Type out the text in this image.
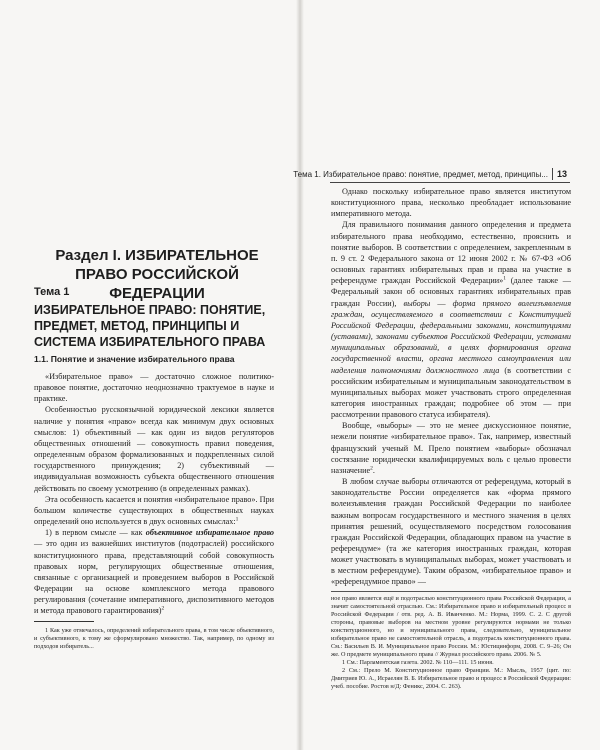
Раздел I. ИЗБИРАТЕЛЬНОЕ ПРАВО РОССИЙСКОЙ ФЕДЕРАЦИИ
Тема 1
ИЗБИРАТЕЛЬНОЕ ПРАВО: ПОНЯТИЕ, ПРЕДМЕТ, МЕТОД, ПРИНЦИПЫ И СИСТЕМА ИЗБИРАТЕЛЬНОГО ПРАВА
1.1. Понятие и значение избирательного права

«Избирательное право» — достаточно сложное политико-правовое понятие, достаточно неоднозначно трактуемое в науке и практике.

Особенностью русскоязычной юридической лексики является наличие у понятия «право» всегда как минимум двух основных смыслов: 1) объективный — как один из видов регуляторов общественных отношений — совокупность правил поведения, определенным образом формализованных и подкрепленных силой государственного принуждения; 2) субъективный — индивидуальная возможность субъекта общественного отношения действовать по своему усмотрению (в определенных рамках).

Эта особенность касается и понятия «избирательное право». При большом количестве существующих в общественных науках определений оно используется в двух основных смыслах:$^1$

1) в первом смысле — как объективное избирательное право — это один из важнейших институтов (подотраслей) российского конституционного права, представляющий собой совокупность правовых норм, регулирующих общественные отношения, связанные с организацией и проведением выборов в Российской Федерации на основе комплексного метода правового регулирования (сочетание императивного, диспозитивного методов и метода правового гарантирования)$^2$

1 Как уже отмечалось, определений избирательного права, в том числе объективного, и субъективного, к тому же сформулировано множество. Так, например, по одному из подходов избиратель...

Тема 1. Избирательное право: понятие, предмет, метод, принципы... 13

Однако поскольку избирательное право является институтом конституционного права, несколько преобладает использование императивного метода.

Для правильного понимания данного определения и предмета избирательного права необходимо, естественно, прояснить и понятие выборов. В соответствии с определением, закрепленным в п. 9 ст. 2 Федерального закона от 12 июня 2002 г. № 67-ФЗ «Об основных гарантиях избирательных прав и права на участие в референдуме граждан Российской Федерации»$^1$ (далее также — Федеральный закон об основных гарантиях избирательных прав граждан России), выборы — форма прямого волеизъявления граждан, осуществляемого в соответствии с Конституцией Российской Федерации, федеральными законами, конституциями (уставами), законами субъектов Российской Федерации, уставами муниципальных образований, в целях формирования органа государственной власти, органа местного самоуправления или наделения полномочиями должностного лица (в соответствии с российским избирательным и муниципальным законодательством в муниципальных выборах может участвовать строго определенная категория иностранных граждан; подробнее об этом — при рассмотрении правового статуса избирателя).

Вообще, «выборы» — это не менее дискуссионное понятие, нежели понятие «избирательное право». Так, например, известный французский ученый М. Прело понятием «выборы» обозначал состязание юридически квалифицируемых воль с целью провести назначение$^2$.

В любом случае выборы отличаются от референдума, который в законодательстве России определяется как «форма прямого волеизъявления граждан Российской Федерации по наиболее важным вопросам государственного и местного значения в целях принятия решений, осуществляемого посредством голосования граждан Российской Федерации, обладающих правом на участие в референдуме» (та же категория иностранных граждан, которая может участвовать в муниципальных выборах, может участвовать и в местном референдуме). Таким образом, «избирательное право» и «референдумное право» —

ное право является ещё и подотраслью конституционного права Российской Федерации, а значит самостоятельной отраслью. См.: Избирательное право и избирательный процесс в Российской Федерации / отв. ред. А. В. Иванченко. М.: Норма, 1999. С. 2. С другой стороны, правовые выборов на местном уровне регулируются нормами не только конституционного, но и муниципального права, следовательно, муниципальное избирательное право не самостоятельной отрасль, а подотрасль конституционного права. См.: Васильев В. И. Муниципальное право России. М.: Юстицинформ, 2008. С. 9–26; Он же. О предмете муниципального права // Журнал российского права. 2006. № 5.

1 См.: Парламентская газета. 2002. № 110—111. 15 июня.

2 См.: Прело М. Конституционное право Франции. М.: Мысль, 1957 (цит. по: Дмитриев Ю. А., Исраелян В. Б. Избирательное право и процесс в Российской Федерации: учеб. пособие. Ростов н/Д: Феникс, 2004. С. 263).
